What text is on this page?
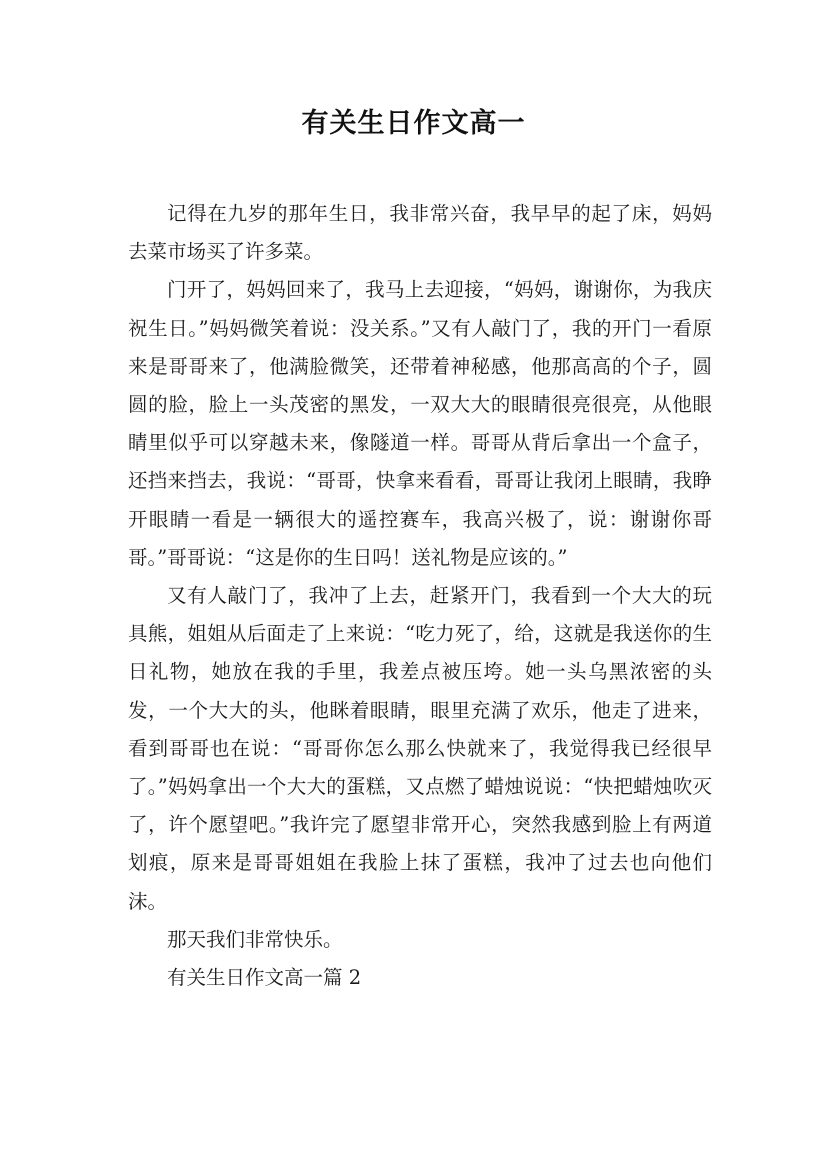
有关生日作文高一

记得在九岁的那年生日，我非常兴奋，我早早的起了床，妈妈去菜市场买了许多菜。

门开了，妈妈回来了，我马上去迎接，“妈妈，谢谢你，为我庆祝生日。”妈妈微笑着说：没关系。”又有人敲门了，我的开门一看原来是哥哥来了，他满脸微笑，还带着神秘感，他那高高的个子，圆圆的脸，脸上一头茂密的黑发，一双大大的眼睛很亮很亮，从他眼睛里似乎可以穿越未来，像隧道一样。哥哥从背后拿出一个盒子，还挡来挡去，我说：“哥哥，快拿来看看，哥哥让我闭上眼睛，我睁开眼睛一看是一辆很大的遥控赛车，我高兴极了，说：谢谢你哥哥。”哥哥说：“这是你的生日吗！送礼物是应该的。”

又有人敲门了，我冲了上去，赶紧开门，我看到一个大大的玩具熊，姐姐从后面走了上来说：“吃力死了，给，这就是我送你的生日礼物，她放在我的手里，我差点被压垮。她一头乌黑浓密的头发，一个大大的头，他眯着眼睛，眼里充满了欢乐，他走了进来，看到哥哥也在说：“哥哥你怎么那么快就来了，我觉得我已经很早了。”妈妈拿出一个大大的蛋糕，又点燃了蜡烛说说：“快把蜡烛吹灭了，许个愿望吧。”我许完了愿望非常开心，突然我感到脸上有两道划痕，原来是哥哥姐姐在我脸上抹了蛋糕，我冲了过去也向他们沫。

那天我们非常快乐。

有关生日作文高一篇 2
